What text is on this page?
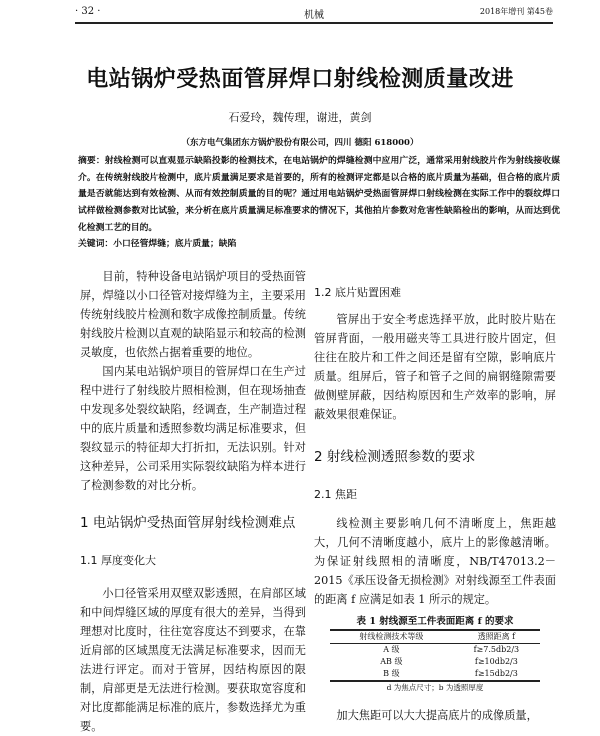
· 32 ·	机械	2018年增刊 第45卷
电站锅炉受热面管屏焊口射线检测质量改进
石爱玲，魏传理，谢进，黄剑
（东方电气集团东方锅炉股份有限公司，四川 德阳 618000）
摘要：射线检测可以直观显示缺陷投影的检测技术，在电站锅炉的焊缝检测中应用广泛，通常采用射线胶片作为射线接收媒介。在传统射线胶片检测中，底片质量满足要求是首要的，所有的检测评定都是以合格的底片质量为基础，但合格的底片质量是否就能达到有效检测、从而有效控制质量的目的呢？通过用电站锅炉受热面管屏焊口射线检测在实际工作中的裂纹焊口试样做检测参数对比试验，来分析在底片质量满足标准要求的情况下，其他拍片参数对危害性缺陷检出的影响，从而达到优化检测工艺的目的。
关键词：小口径管焊缝；底片质量；缺陷

目前，特种设备电站锅炉项目的受热面管屏，焊缝以小口径管对接焊缝为主，主要采用传统射线胶片检测和数字成像控制质量。传统射线胶片检测以直观的缺陷显示和较高的检测灵敏度，也依然占据着重要的地位。

国内某电站锅炉项目的管屏焊口在生产过程中进行了射线胶片照相检测，但在现场抽查中发现多处裂纹缺陷，经调查，生产制造过程中的底片质量和透照参数均满足标准要求，但裂纹显示的特征却大打折扣，无法识别。针对这种差异，公司采用实际裂纹缺陷为样本进行了检测参数的对比分析。

1 电站锅炉受热面管屏射线检测难点
1.1 厚度变化大

小口径管采用双壁双影透照，在肩部区域和中间焊缝区域的厚度有很大的差异，当得到理想对比度时，往往宽容度达不到要求，在靠近肩部的区域黑度无法满足标准要求，因而无法进行评定。而对于管屏，因结构原因的限制，肩部更是无法进行检测。要获取宽容度和对比度都能满足标准的底片，参数选择尤为重要。

1.2 底片贴置困难

管屏出于安全考虑选择平放，此时胶片贴在管屏背面，一般用磁夹等工具进行胶片固定，但往往在胶片和工件之间还是留有空隙，影响底片质量。组屏后，管子和管子之间的扁钢缝隙需要做侧壁屏蔽，因结构原因和生产效率的影响，屏蔽效果很难保证。

2 射线检测透照参数的要求
2.1 焦距

线检测主要影响几何不清晰度上，焦距越大，几何不清晰度越小，底片上的影像越清晰。为保证射线照相的清晰度，NB/T47013.2－2015《承压设备无损检测》对射线源至工件表面的距离 f 应满足如表 1 所示的规定。

表 1 射线源至工件表面距离 f 的要求
射线检测技术等级	透照距离 f
A 级	f≥7.5db2/3
AB 级	f≥10db2/3
B 级	f≥15db2/3
d 为焦点尺寸；b 为透照厚度

加大焦距可以大大提高底片的成像质量，
